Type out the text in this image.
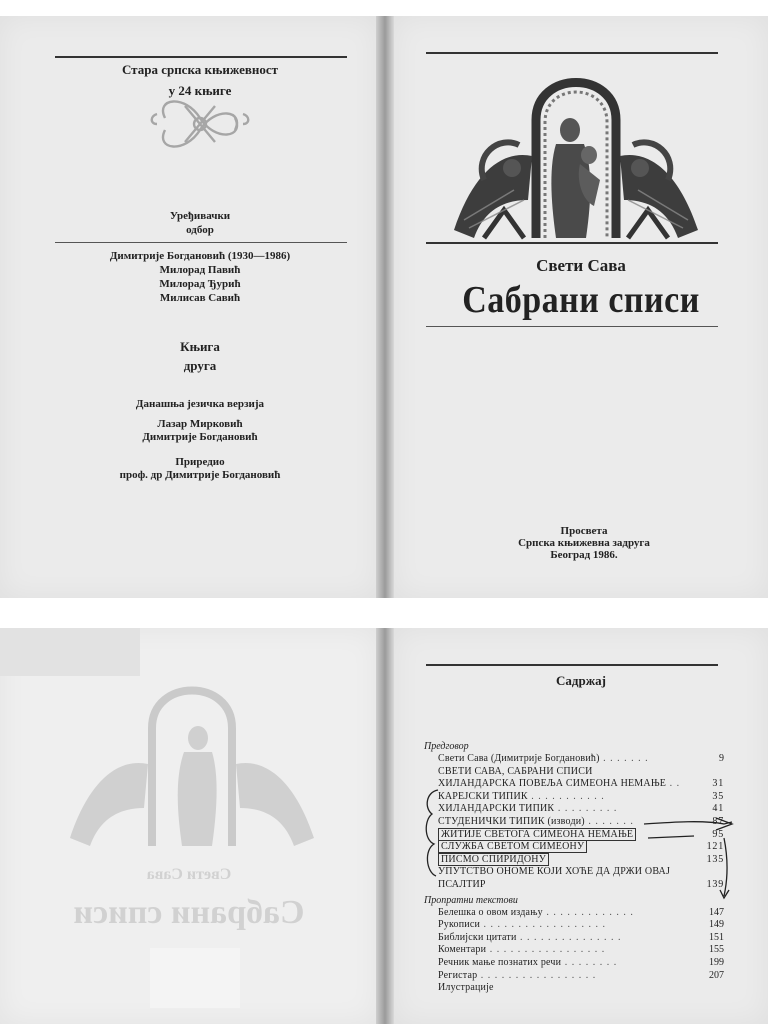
Стара српска књижевност
у 24 књиге
Уређивачки
одбор
Димитрије Богдановић (1930—1986)
Милорад Павић
Милорад Ђурић
Милисав Савић
Књига
друга
Данашња језичка верзија
Лазар Мирковић
Димитрије Богдановић
Приредио
проф. др Димитрије Богдановић
Свети Сава
Сабрани списи
Просвета
Српска књижевна задруга
Београд 1986.
Свети Сава
Сабрани списи
Садржај
Предговор
Свети Сава (Димитрије Богдановић) . . . . . . .	9
СВЕТИ САВА, САБРАНИ СПИСИ
ХИЛАНДАРСКА ПОВЕЉА СИМЕОНА НЕМАЊЕ . .	31
КАРЕЈСКИ ТИПИК . . . . . . . . . . .	35
ХИЛАНДАРСКИ ТИПИК . . . . . . . . .	41
СТУДЕНИЧКИ ТИПИК (изводи) . . . . . . .	87
ЖИТИЈЕ СВЕТОГА СИМЕОНА НЕМАЊЕ	95
СЛУЖБА СВЕТОМ СИМЕОНУ	121
ПИСМО СПИРИДОНУ	135
УПУТСТВО ОНОМЕ КОЈИ ХОЋЕ ДА ДРЖИ ОВАЈ
ПСАЛТИР	139
Пропратни текстови
Белешка о овом издању . . . . . . . . . . . . .	147
Рукописи . . . . . . . . . . . . . . . . . .	149
Библијски цитати . . . . . . . . . . . . . . .	151
Коментари . . . . . . . . . . . . . . . . .	155
Речник мање познатих речи . . . . . . . .	199
Регистар . . . . . . . . . . . . . . . . .	207
Илустрације
